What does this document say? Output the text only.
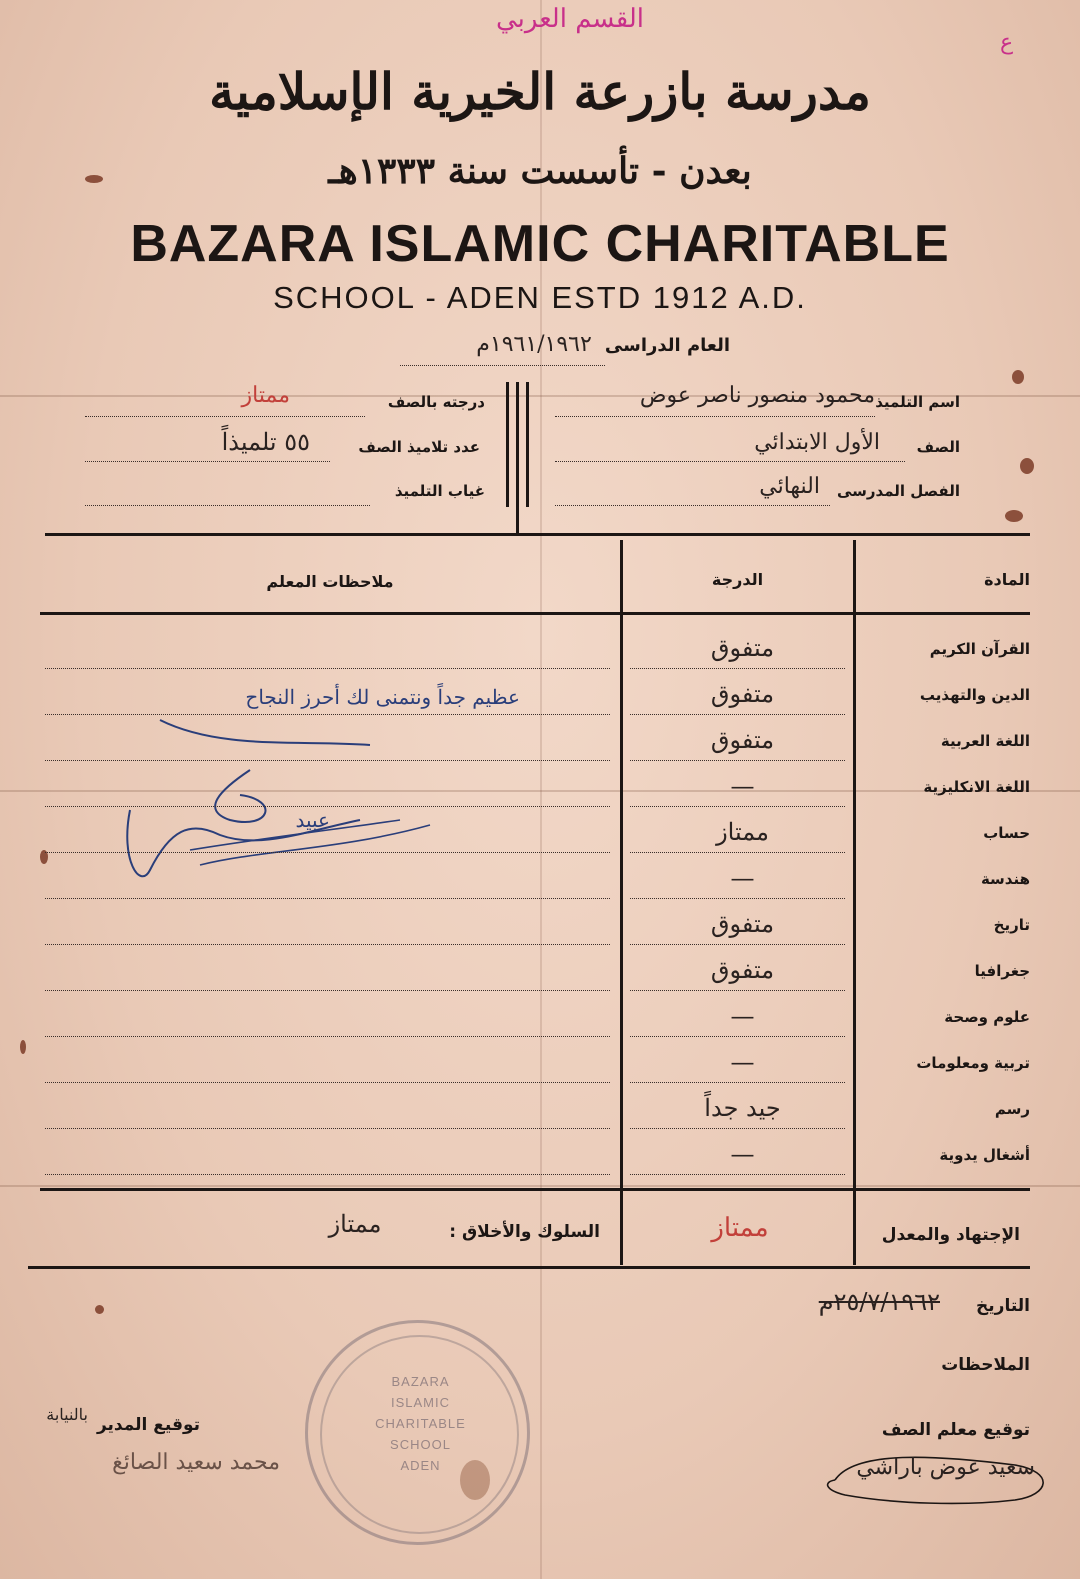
ع
القسم العربي
مدرسة بازرعة الخيرية الإسلامية
بعدن - تأسست سنة ١٣٣٣هـ
BAZARA ISLAMIC CHARITABLE
SCHOOL - ADEN ESTD 1912 A.D.
العام الدراسى ١٩٦١/١٩٦٢م
اسم التلميذ
محمود منصور ناصر عوض
الصف
الأول الابتدائي
الفصل المدرسى
النهائي
درجته بالصف
ممتاز
عدد تلاميذ الصف
٥٥ تلميذاً
غياب التلميذ
المادة
الدرجة
ملاحظات المعلم
عظيم جداً ونتمنى لك أحرز النجاح
عبيد
الإجتهاد والمعدل
ممتاز
السلوك والأخلاق :
ممتاز
التاريخ
٢٥/٧/١٩٦٢م
الملاحظات
توقيع معلم الصف
سعيد عوض باراشي
توقيع المدير
بالنيابة
محمد سعيد الصائغ
BAZARA
ISLAMIC
CHARITABLE
SCHOOL
ADEN
القرآن الكريم
متفوق
الدين والتهذيب
متفوق
اللغة العربية
متفوق
اللغة الانكليزية
—
حساب
ممتاز
هندسة
—
تاريخ
متفوق
جغرافيا
متفوق
علوم وصحة
—
تربية ومعلومات
—
رسم
جيد جداً
أشغال يدوية
—
